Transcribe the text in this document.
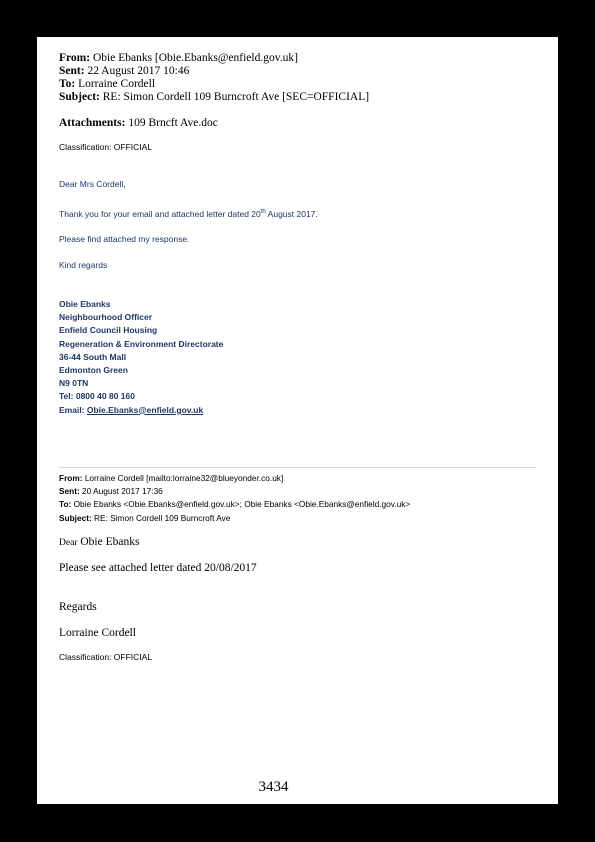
From: Obie Ebanks [Obie.Ebanks@enfield.gov.uk]
Sent: 22 August 2017 10:46
To: Lorraine Cordell
Subject: RE: Simon Cordell 109 Burncroft Ave [SEC=OFFICIAL]
Attachments: 109 Brncft Ave.doc
Classification: OFFICIAL
Dear Mrs Cordell,
Thank you for your email and attached letter dated 20th August 2017.
Please find attached my response.
Kind regards
Obie Ebanks
Neighbourhood Officer
Enfield Council Housing
Regeneration & Environment Directorate
36-44 South Mall
Edmonton Green
N9 0TN
Tel: 0800 40 80 160
Email: Obie.Ebanks@enfield.gov.uk
From: Lorraine Cordell [mailto:lorraine32@blueyonder.co.uk]
Sent: 20 August 2017 17:36
To: Obie Ebanks <Obie.Ebanks@enfield.gov.uk>; Obie Ebanks <Obie.Ebanks@enfield.gov.uk>
Subject: RE: Simon Cordell 109 Burncroft Ave
Dear Obie Ebanks
Please see attached letter dated 20/08/2017
Regards
Lorraine Cordell
Classification: OFFICIAL
3434
